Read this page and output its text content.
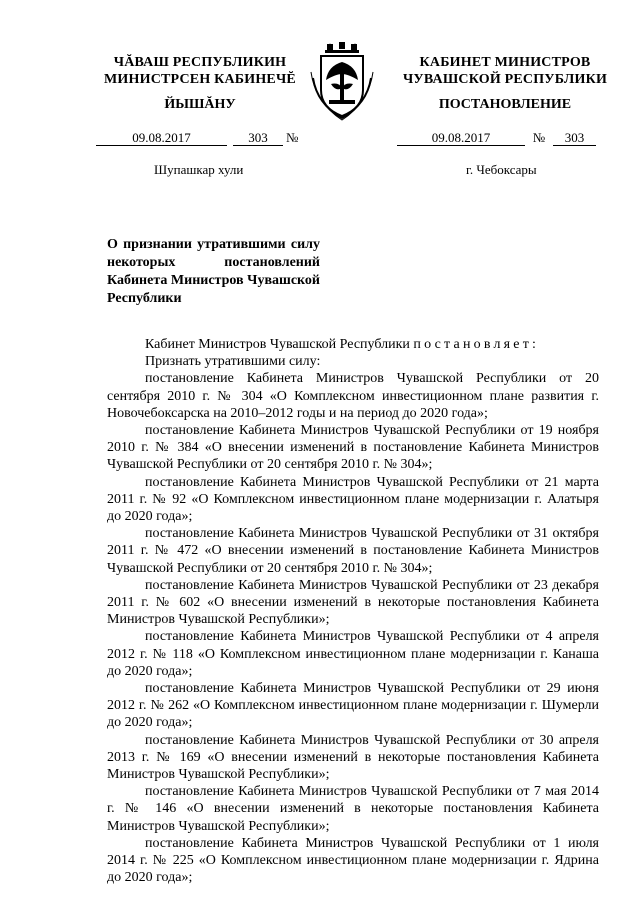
ЧĂВАШ РЕСПУБЛИКИН
МИНИСТРСЕН КАБИНЕЧĔ
ЙЫШĂНУ
КАБИНЕТ МИНИСТРОВ
ЧУВАШСКОЙ РЕСПУБЛИКИ
ПОСТАНОВЛЕНИЕ
09.08.2017	303	№	09.08.2017	№	303
Шупашкар хули	г. Чебоксары
О признании утратившими силу некоторых постановлений Кабинета Министров Чувашской Республики

Кабинет Министров Чувашской Республики постановляет:

Признать утратившими силу:

постановление Кабинета Министров Чувашской Республики от 20 сентября 2010 г. № 304 «О Комплексном инвестиционном плане развития г. Новочебоксарска на 2010–2012 годы и на период до 2020 года»;

постановление Кабинета Министров Чувашской Республики от 19 ноября 2010 г. № 384 «О внесении изменений в постановление Кабинета Министров Чувашской Республики от 20 сентября 2010 г. № 304»;

постановление Кабинета Министров Чувашской Республики от 21 марта 2011 г. № 92 «О Комплексном инвестиционном плане модернизации г. Алатыря до 2020 года»;

постановление Кабинета Министров Чувашской Республики от 31 октября 2011 г. № 472 «О внесении изменений в постановление Кабинета Министров Чувашской Республики от 20 сентября 2010 г. № 304»;

постановление Кабинета Министров Чувашской Республики от 23 декабря 2011 г. № 602 «О внесении изменений в некоторые постановления Кабинета Министров Чувашской Республики»;

постановление Кабинета Министров Чувашской Республики от 4 апреля 2012 г. № 118 «О Комплексном инвестиционном плане модернизации г. Канаша до 2020 года»;

постановление Кабинета Министров Чувашской Республики от 29 июня 2012 г. № 262 «О Комплексном инвестиционном плане модернизации г. Шумерли до 2020 года»;

постановление Кабинета Министров Чувашской Республики от 30 апреля 2013 г. № 169 «О внесении изменений в некоторые постановления Кабинета Министров Чувашской Республики»;

постановление Кабинета Министров Чувашской Республики от 7 мая 2014 г. № 146 «О внесении изменений в некоторые постановления Кабинета Министров Чувашской Республики»;

постановление Кабинета Министров Чувашской Республики от 1 июля 2014 г. № 225 «О Комплексном инвестиционном плане модернизации г. Ядрина до 2020 года»;
